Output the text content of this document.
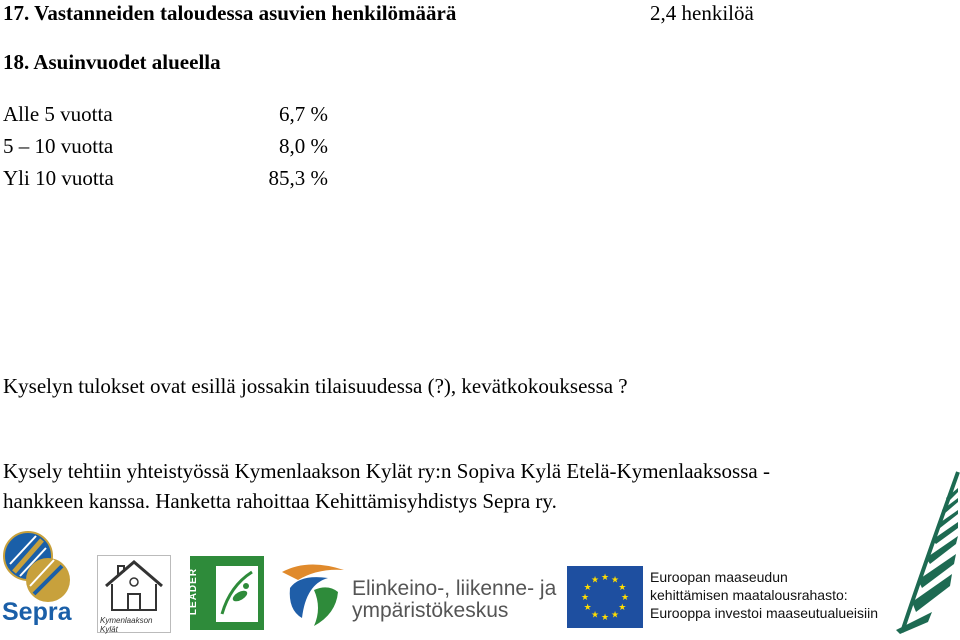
17. Vastanneiden taloudessa asuvien henkilömäärä	2,4 henkilöä
18. Asuinvuodet alueella
Alle 5 vuotta	6,7 %
5 – 10 vuotta	8,0 %
Yli 10 vuotta	85,3 %
Kyselyn tulokset ovat esillä jossakin tilaisuudessa (?), kevätkokouksessa ?
Kysely tehtiin yhteistyössä Kymenlaakson Kylät ry:n Sopiva Kylä Etelä-Kymenlaaksossa -
hankkeen kanssa. Hanketta rahoittaa Kehittämisyhdistys Sepra ry.
Sepra	Kymenlaakson Kylät
LEADER	Elinkeino-, liikenne- ja
ympäristökeskus
★ ★
★
★
★
★
★
★
★
★
★
★	Euroopan maaseudun
kehittämisen maatalousrahasto:
Eurooppa investoi maaseutualueisiin
